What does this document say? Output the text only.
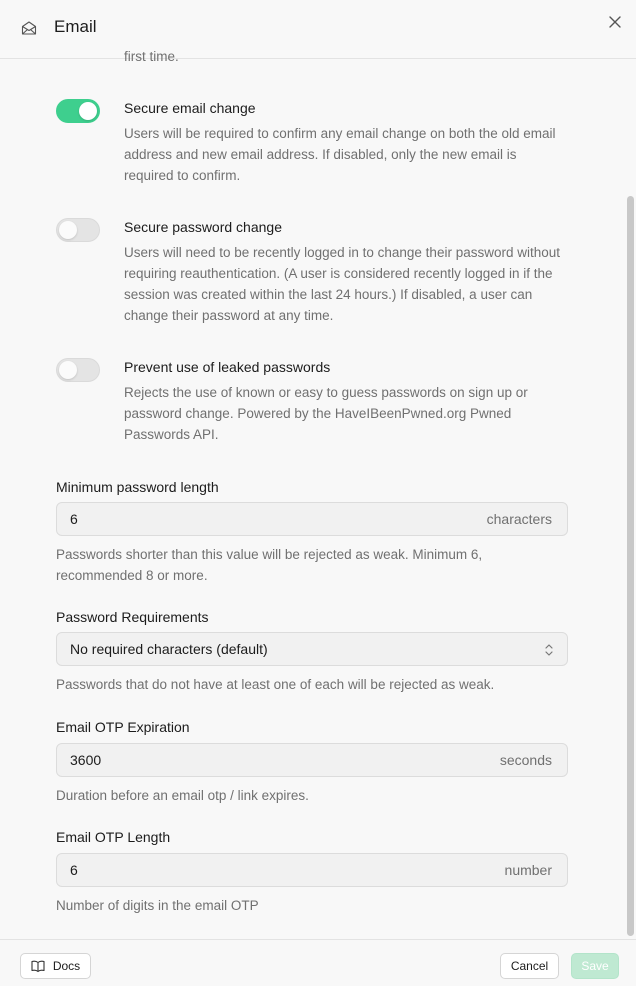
Email
first time.
Secure email change
Users will be required to confirm any email change on both the old email address and new email address. If disabled, only the new email is required to confirm.
Secure password change
Users will need to be recently logged in to change their password without requiring reauthentication. (A user is considered recently logged in if the session was created within the last 24 hours.) If disabled, a user can change their password at any time.
Prevent use of leaked passwords
Rejects the use of known or easy to guess passwords on sign up or password change. Powered by the HaveIBeenPwned.org Pwned Passwords API.
Minimum password length
6	characters
Passwords shorter than this value will be rejected as weak. Minimum 6, recommended 8 or more.
Password Requirements
No required characters (default)
Passwords that do not have at least one of each will be rejected as weak.
Email OTP Expiration
3600	seconds
Duration before an email otp / link expires.
Email OTP Length
6	number
Number of digits in the email OTP
Docs	Cancel	Save
